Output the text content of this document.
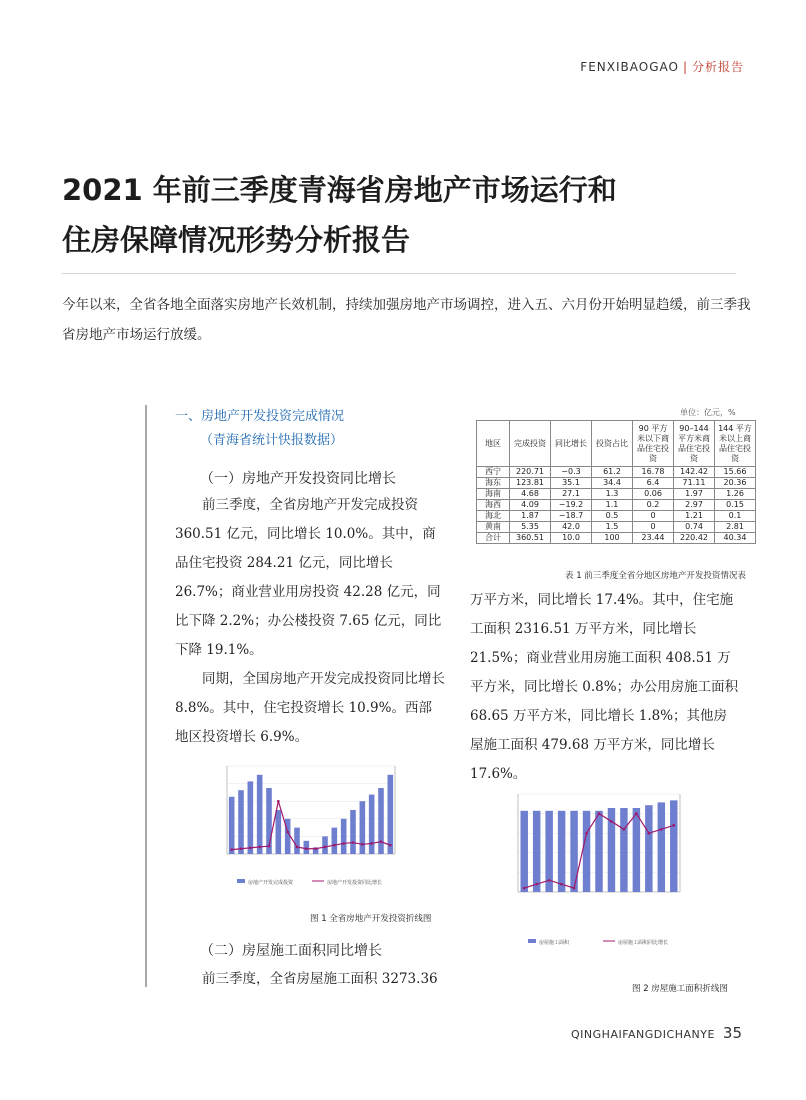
FENXIBAOGAO | 分析报告
2021 年前三季度青海省房地产市场运行和
住房保障情况形势分析报告
今年以来，全省各地全面落实房地产长效机制，持续加强房地产市场调控，进入五、六月份开始明显趋缓，前三季我省房地产市场运行放缓。
一、房地产开发投资完成情况
（青海省统计快报数据）
（一）房地产开发投资同比增长

前三季度，全省房地产开发完成投资 360.51 亿元，同比增长 10.0%。其中，商品住宅投资 284.21 亿元，同比增长 26.7%；商业营业用房投资 42.28 亿元，同比下降 2.2%；办公楼投资 7.65 亿元，同比下降 19.1%。

同期，全国房地产开发完成投资同比增长 8.8%。其中，住宅投资增长 10.9%。西部地区投资增长 6.9%。

单位：亿元，%
地区	完成投资	同比增长	投资占比	90 平方米以下商品住宅投资	90–144 平方米商品住宅投资	144 平方米以上商品住宅投资
西宁	220.71	−0.3	61.2	16.78	142.42	15.66
海东	123.81	35.1	34.4	6.4	71.11	20.36
海南	4.68	27.1	1.3	0.06	1.97	1.26
海西	4.09	−19.2	1.1	0.2	2.97	0.15
海北	1.87	−18.7	0.5	0	1.21	0.1
黄南	5.35	42.0	1.5	0	0.74	2.81
合计	360.51	10.0	100	23.44	220.42	40.34
表 1 前三季度全省分地区房地产开发投资情况表

万平方米，同比增长 17.4%。其中，住宅施工面积 2316.51 万平方米，同比增长 21.5%；商业营业用房施工面积 408.51 万平方米，同比增长 0.8%；办公用房施工面积 68.65 万平方米，同比增长 1.8%；其他房屋施工面积 479.68 万平方米，同比增长 17.6%。

房地产开发完成投资	房地产开发投资同比增长
图 1 全省房地产开发投资折线图
房屋施工面积	房屋施工面积同比增长
图 2 房屋施工面积折线图
（二）房屋施工面积同比增长

前三季度，全省房屋施工面积 3273.36

QINGHAIFANGDICHANYE 35
